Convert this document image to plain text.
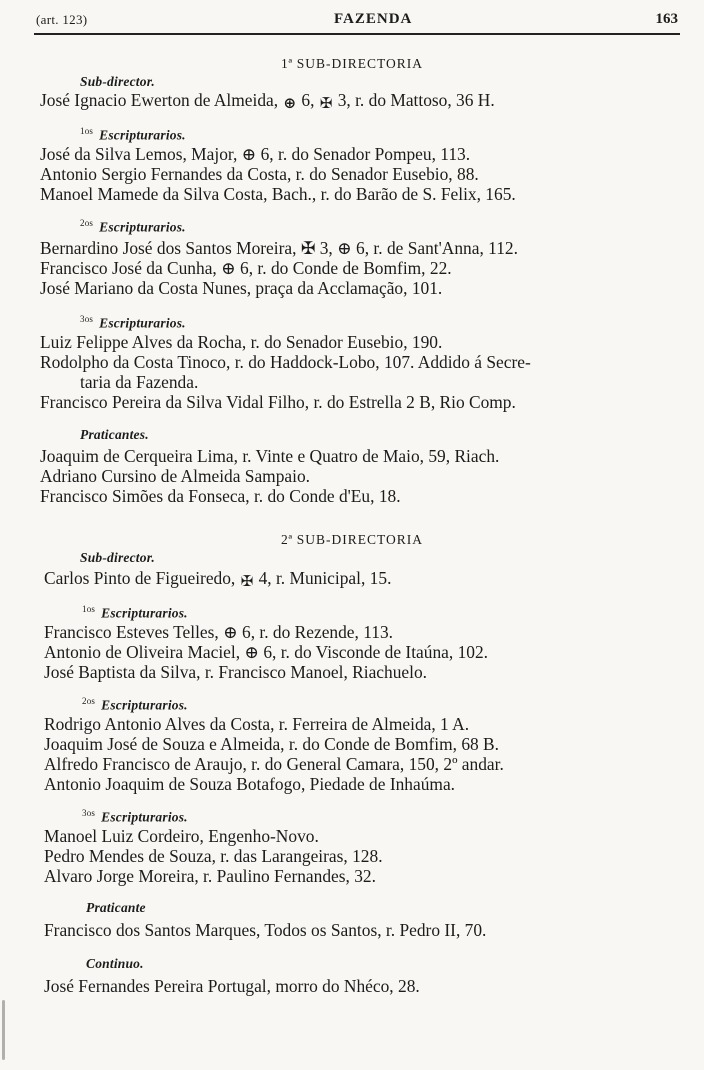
(art. 123)	FAZENDA	163
1ª SUB-DIRECTORIA
Sub-director.
José Ignacio Ewerton de Almeida, ⊕ 6, ✠ 3, r. do Mattoso, 36 H.
$^{1os}$ Escripturarios.
José da Silva Lemos, Major, ⊕ 6, r. do Senador Pompeu, 113.
Antonio Sergio Fernandes da Costa, r. do Senador Eusebio, 88.
Manoel Mamede da Silva Costa, Bach., r. do Barão de S. Felix, 165.
$^{2os}$ Escripturarios.
Bernardino José dos Santos Moreira, ✠ 3, ⊕ 6, r. de Sant'Anna, 112.
Francisco José da Cunha, ⊕ 6, r. do Conde de Bomfim, 22.
José Mariano da Costa Nunes, praça da Acclamação, 101.
$^{3os}$ Escripturarios.
Luiz Felippe Alves da Rocha, r. do Senador Eusebio, 190.
Rodolpho da Costa Tinoco, r. do Haddock-Lobo, 107. Addido á Secre-
taria da Fazenda.
Francisco Pereira da Silva Vidal Filho, r. do Estrella 2 B, Rio Comp.
Praticantes.
Joaquim de Cerqueira Lima, r. Vinte e Quatro de Maio, 59, Riach.
Adriano Cursino de Almeida Sampaio.
Francisco Simões da Fonseca, r. do Conde d'Eu, 18.
2ª SUB-DIRECTORIA
Sub-director.
Carlos Pinto de Figueiredo, ✠ 4, r. Municipal, 15.
$^{1os}$ Escripturarios.
Francisco Esteves Telles, ⊕ 6, r. do Rezende, 113.
Antonio de Oliveira Maciel, ⊕ 6, r. do Visconde de Itaúna, 102.
José Baptista da Silva, r. Francisco Manoel, Riachuelo.
$^{2os}$ Escripturarios.
Rodrigo Antonio Alves da Costa, r. Ferreira de Almeida, 1 A.
Joaquim José de Souza e Almeida, r. do Conde de Bomfim, 68 B.
Alfredo Francisco de Araujo, r. do General Camara, 150, 2º andar.
Antonio Joaquim de Souza Botafogo, Piedade de Inhaúma.
$^{3os}$ Escripturarios.
Manoel Luiz Cordeiro, Engenho-Novo.
Pedro Mendes de Souza, r. das Larangeiras, 128.
Alvaro Jorge Moreira, r. Paulino Fernandes, 32.
Praticante
Francisco dos Santos Marques, Todos os Santos, r. Pedro II, 70.
Continuo.
José Fernandes Pereira Portugal, morro do Nhéco, 28.
